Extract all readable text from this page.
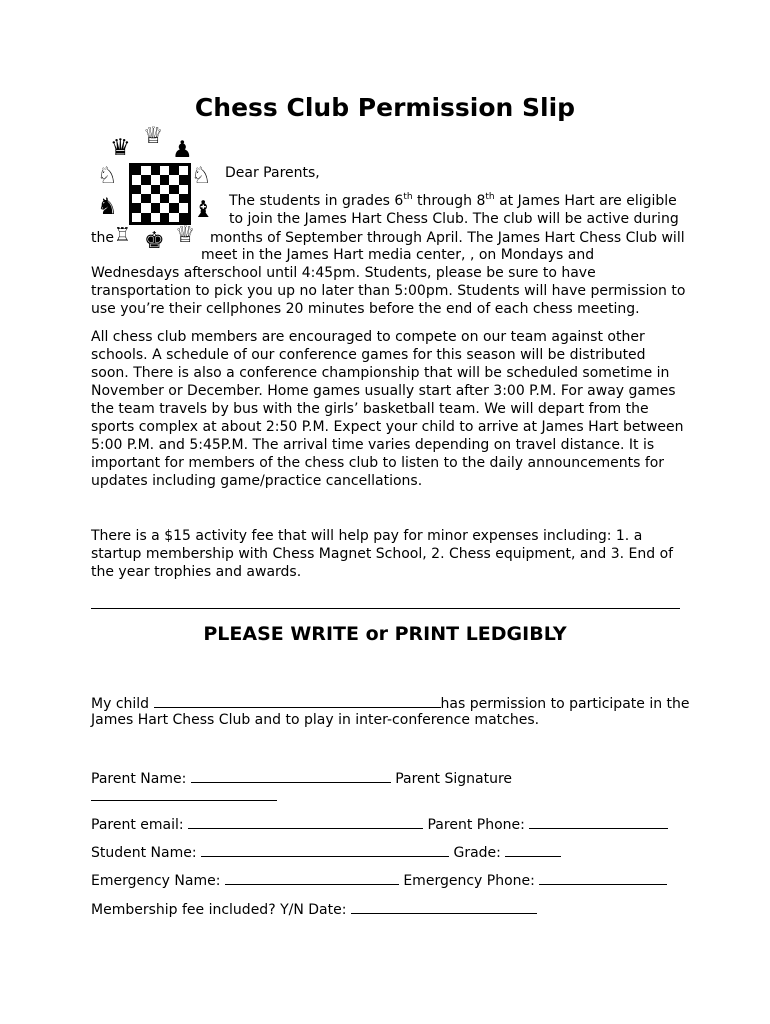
Chess Club Permission Slip
♛ ♕
♟
♘	♘
♞	♝
♖ ♚ ♕
Dear Parents,
The students in grades 6th through 8th at James Hart are eligible
to join the James Hart Chess Club. The club will be active during
the	months of September through April. The James Hart Chess Club will
meet in the James Hart media center, , on Mondays and
Wednesdays afterschool until 4:45pm. Students, please be sure to have transportation to pick you up no later than 5:00pm. Students will have permission to use you’re their cellphones 20 minutes before the end of each chess meeting.
All chess club members are encouraged to compete on our team against other schools. A schedule of our conference games for this season will be distributed soon. There is also a conference championship that will be scheduled sometime in November or December. Home games usually start after 3:00 P.M. For away games the team travels by bus with the girls’ basketball team. We will depart from the sports complex at about 2:50 P.M. Expect your child to arrive at James Hart between 5:00 P.M. and 5:45P.M. The arrival time varies depending on travel distance. It is important for members of the chess club to listen to the daily announcements for updates including game/practice cancellations.
There is a $15 activity fee that will help pay for minor expenses including: 1. a startup membership with Chess Magnet School, 2. Chess equipment, and 3. End of the year trophies and awards.
PLEASE WRITE or PRINT LEDGIBLY
My child	has permission to participate in the
James Hart Chess Club and to play in inter-conference matches.
Parent Name:	Parent Signature
Parent email:	Parent Phone:
Student Name:	Grade:
Emergency Name:	Emergency Phone:
Membership fee included? Y/N Date:
